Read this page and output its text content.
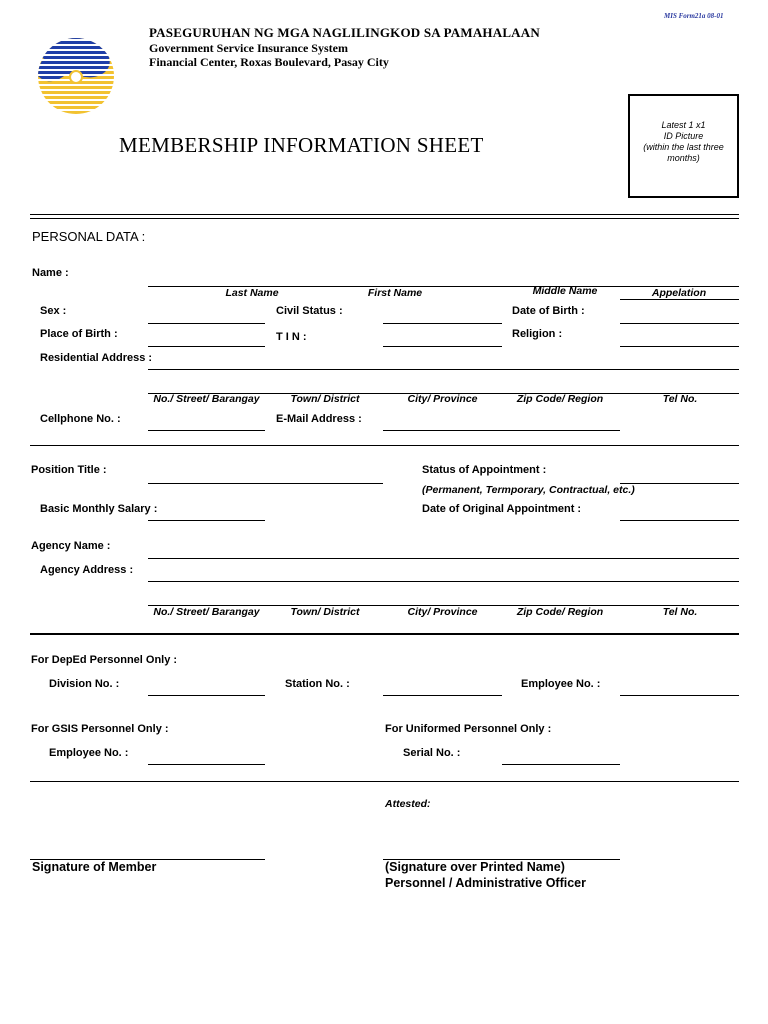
MIS Form21a 08-01
PASEGURUHAN NG MGA NAGLILINGKOD SA PAMAHALAAN
Government Service Insurance System
Financial Center, Roxas Boulevard, Pasay City
MEMBERSHIP INFORMATION SHEET
Latest 1 x1
ID Picture
(within the last three
months)
PERSONAL DATA :
Name :
Last Name	First Name	Middle Name	Appelation
Sex :	Civil Status :	Date of Birth :
Place of Birth :	T I N :	Religion :
Residential Address :
No./ Street/ Barangay	Town/ District	City/ Province	Zip Code/ Region	Tel No.
Cellphone No. :	E-Mail Address :
Position Title :	Status of Appointment :
(Permanent, Termporary, Contractual, etc.)
Basic Monthly Salary :	Date of Original Appointment :
Agency Name :
Agency Address :
No./ Street/ Barangay	Town/ District	City/ Province	Zip Code/ Region	Tel No.
For DepEd Personnel Only :
Division No. :	Station No. :	Employee No. :
For GSIS Personnel Only :
Employee No. :
For Uniformed Personnel Only :
Serial No. :
Attested:
Signature of Member	(Signature over Printed Name)
Personnel / Administrative Officer
